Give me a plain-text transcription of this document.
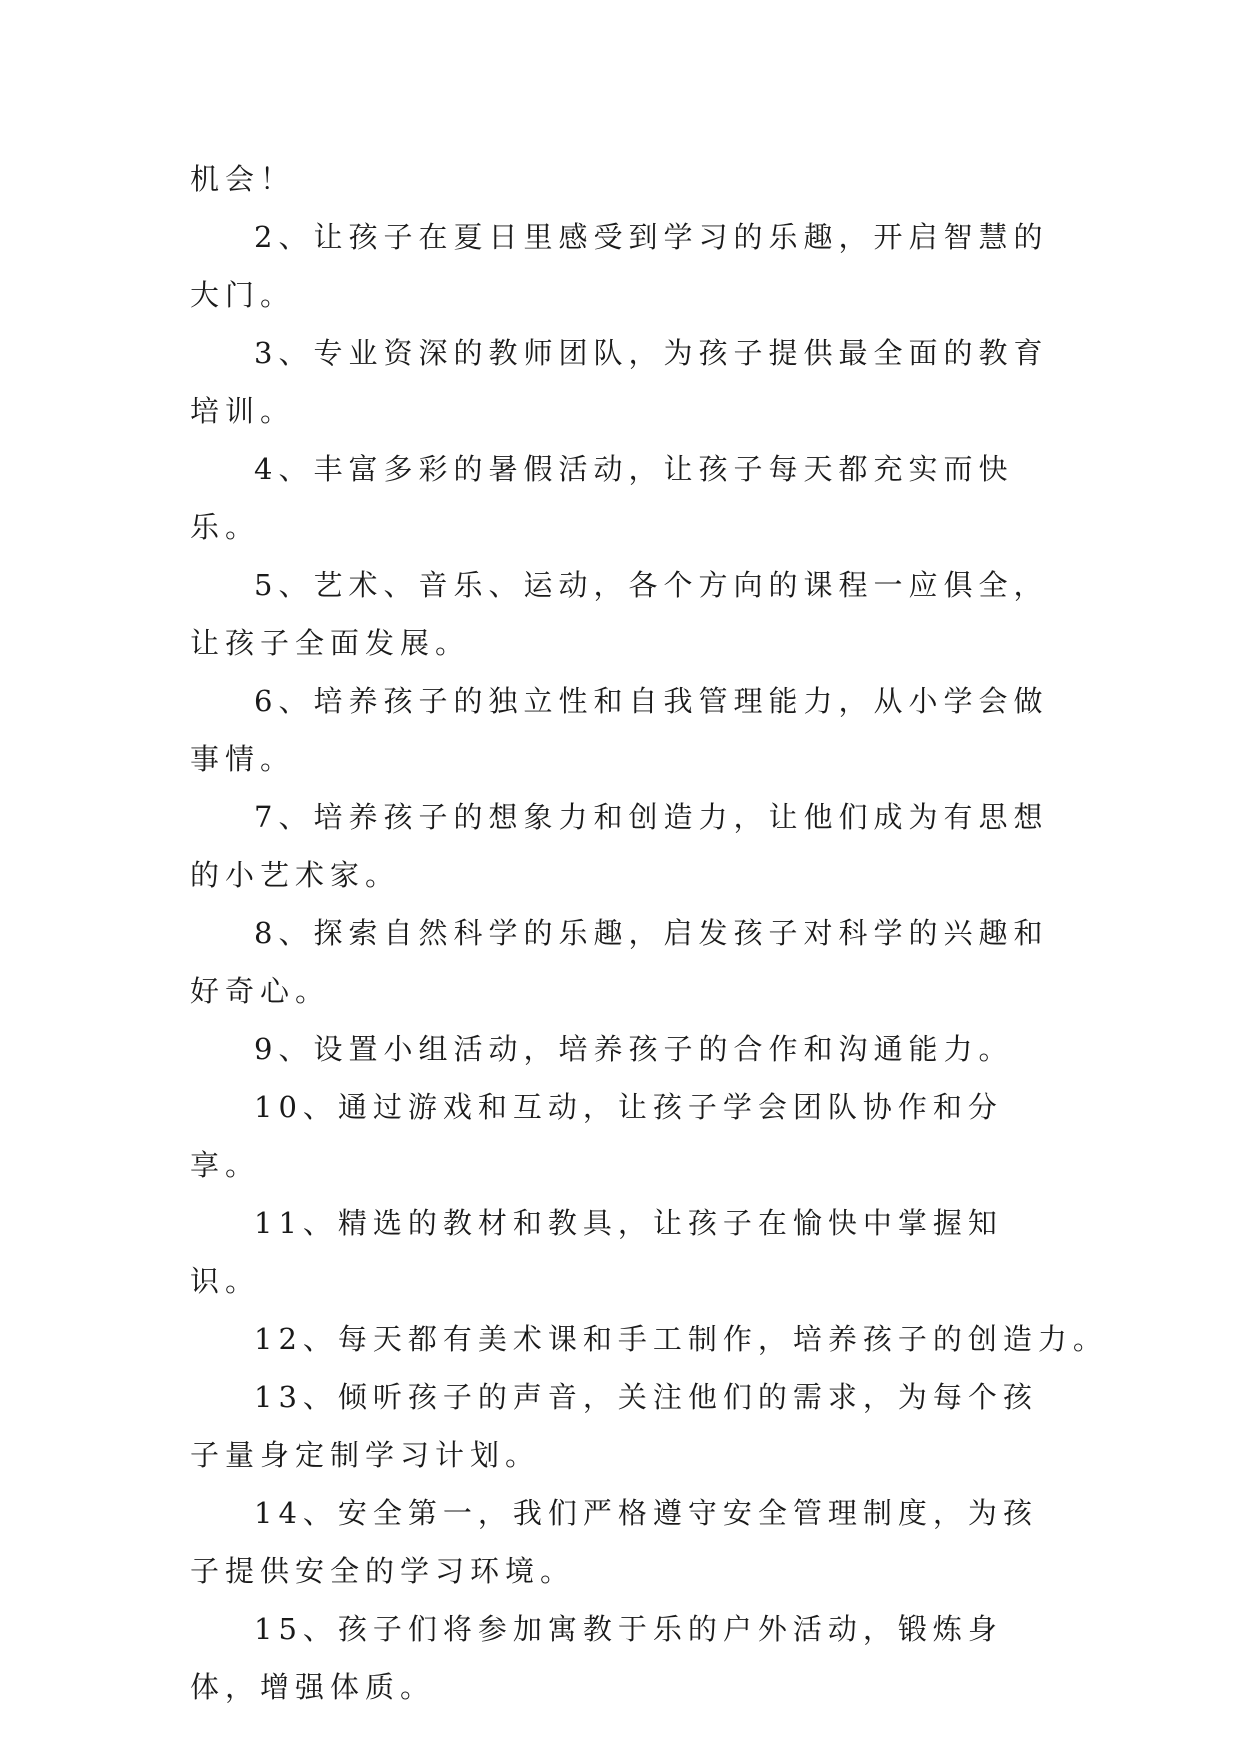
机会！

2、让孩子在夏日里感受到学习的乐趣，开启智慧的大门。

3、专业资深的教师团队，为孩子提供最全面的教育培训。

4、丰富多彩的暑假活动，让孩子每天都充实而快乐。

5、艺术、音乐、运动，各个方向的课程一应俱全，让孩子全面发展。

6、培养孩子的独立性和自我管理能力，从小学会做事情。

7、培养孩子的想象力和创造力，让他们成为有思想的小艺术家。

8、探索自然科学的乐趣，启发孩子对科学的兴趣和好奇心。

9、设置小组活动，培养孩子的合作和沟通能力。

10、通过游戏和互动，让孩子学会团队协作和分享。

11、精选的教材和教具，让孩子在愉快中掌握知识。

12、每天都有美术课和手工制作，培养孩子的创造力。

13、倾听孩子的声音，关注他们的需求，为每个孩子量身定制学习计划。

14、安全第一，我们严格遵守安全管理制度，为孩子提供安全的学习环境。

15、孩子们将参加寓教于乐的户外活动，锻炼身体，增强体质。
